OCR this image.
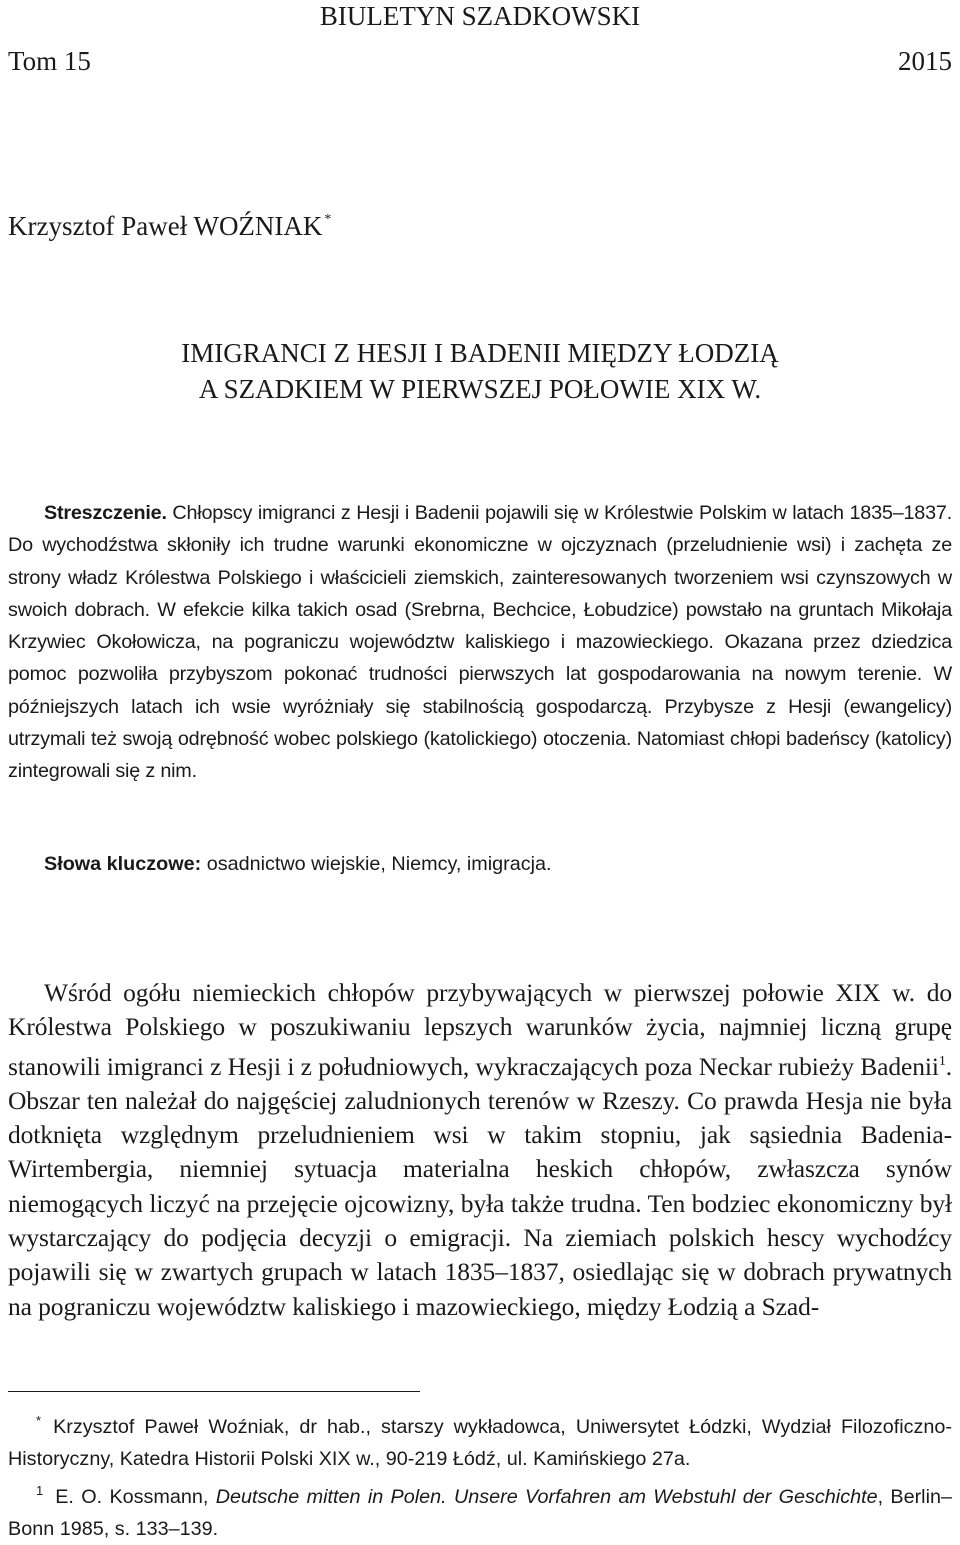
BIULETYN SZADKOWSKI
Tom 15	2015
Krzysztof Paweł WOŹNIAK *
IMIGRANCI Z HESJI I BADENII MIĘDZY ŁODZIĄ
A SZADKIEM W PIERWSZEJ POŁOWIE XIX W.

Streszczenie. Chłopscy imigranci z Hesji i Badenii pojawili się w Królestwie Polskim w latach 1835–1837. Do wychodźstwa skłoniły ich trudne warunki ekonomiczne w ojczyznach (przeludnienie wsi) i zachęta ze strony władz Królestwa Polskiego i właścicieli ziemskich, zainteresowanych tworzeniem wsi czynszowych w swoich dobrach. W efekcie kilka takich osad (Srebrna, Bechcice, Łobudzice) powstało na gruntach Mikołaja Krzywiec Okołowicza, na pograniczu województw kaliskiego i mazowieckiego. Okazana przez dziedzica pomoc pozwoliła przybyszom pokonać trudności pierwszych lat gospodarowania na nowym terenie. W późniejszych latach ich wsie wyróżniały się stabilnością gospodarczą. Przybysze z Hesji (ewangelicy) utrzymali też swoją odrębność wobec polskiego (katolickiego) otoczenia. Natomiast chłopi badeńscy (katolicy) zintegrowali się z nim.

Słowa kluczowe: osadnictwo wiejskie, Niemcy, imigracja.

Wśród ogółu niemieckich chłopów przybywających w pierwszej połowie XIX w. do Królestwa Polskiego w poszukiwaniu lepszych warunków życia, najmniej liczną grupę stanowili imigranci z Hesji i z południowych, wykraczających poza Neckar rubieży Badenii$^1$. Obszar ten należał do najgęściej zaludnionych terenów w Rzeszy. Co prawda Hesja nie była dotknięta względnym przeludnieniem wsi w takim stopniu, jak sąsiednia Badenia-Wirtembergia, niemniej sytuacja materialna heskich chłopów, zwłaszcza synów niemogących liczyć na przejęcie ojcowizny, była także trudna. Ten bodziec ekonomiczny był wystarczający do podjęcia decyzji o emigracji. Na ziemiach polskich hescy wychodźcy pojawili się w zwartych grupach w latach 1835–1837, osiedlając się w dobrach prywatnych na pograniczu województw kaliskiego i mazowieckiego, między Łodzią a Szad-

* Krzysztof Paweł Woźniak, dr hab., starszy wykładowca, Uniwersytet Łódzki, Wydział Filozoficzno-Historyczny, Katedra Historii Polski XIX w., 90-219 Łódź, ul. Kamińskiego 27a.

$^1$ E. O. Kossmann, Deutsche mitten in Polen. Unsere Vorfahren am Webstuhl der Geschichte, Berlin–Bonn 1985, s. 133–139.
